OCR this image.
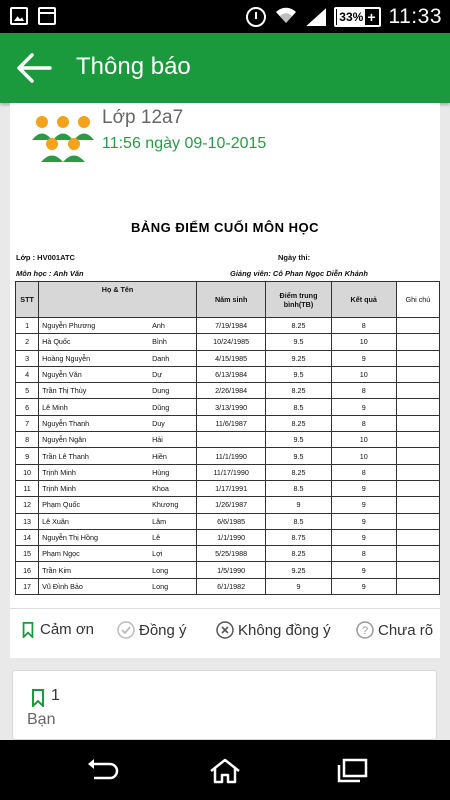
33% + 11:33
Thông báo
Lớp 12a7
11:56 ngày 09-10-2015
BẢNG ĐIỂM CUỐI MÔN HỌC
Lớp : HV001ATC	Ngày thi:
Môn học : Anh Văn	Giảng viên: Cô Phan Ngọc Diễn Khánh
STT	Họ & Tên		Năm sinh	Điểm trung bình(TB)	Kết quả	Ghi chú
1	Nguyễn Phương	Anh	7/19/1984	8.25	8	
2	Hà Quốc	Bình	10/24/1985	9.5	10	
3	Hoàng Nguyễn	Danh	4/15/1985	9.25	9	
4	Nguyễn Văn	Dự	6/13/1984	9.5	10	
5	Trần Thị Thùy	Dung	2/26/1984	8.25	8	
6	Lê Minh	Dũng	3/13/1990	8.5	9	
7	Nguyễn Thanh	Duy	11/6/1987	8.25	8	
8	Nguyễn Ngân	Hải		9.5	10	
9	Trần Lê Thanh	Hiền	11/1/1990	9.5	10	
10	Trịnh Minh	Hùng	11/17/1990	8.25	8	
11	Trịnh Minh	Khoa	1/17/1991	8.5	9	
12	Phạm Quốc	Khương	1/26/1987	9	9	
13	Lê Xuân	Lâm	6/6/1985	8.5	9	
14	Nguyễn Thị Hồng	Lê	1/1/1990	8.75	9	
15	Phạm Ngọc	Lợi	5/25/1988	8.25	8	
16	Trần Kim	Long	1/5/1990	9.25	9	
17	Vũ Đình Bảo	Long	6/1/1982	9	9	
Cảm ơn	Đồng ý	Không đồng ý	? Chưa rõ
1
Bạn
